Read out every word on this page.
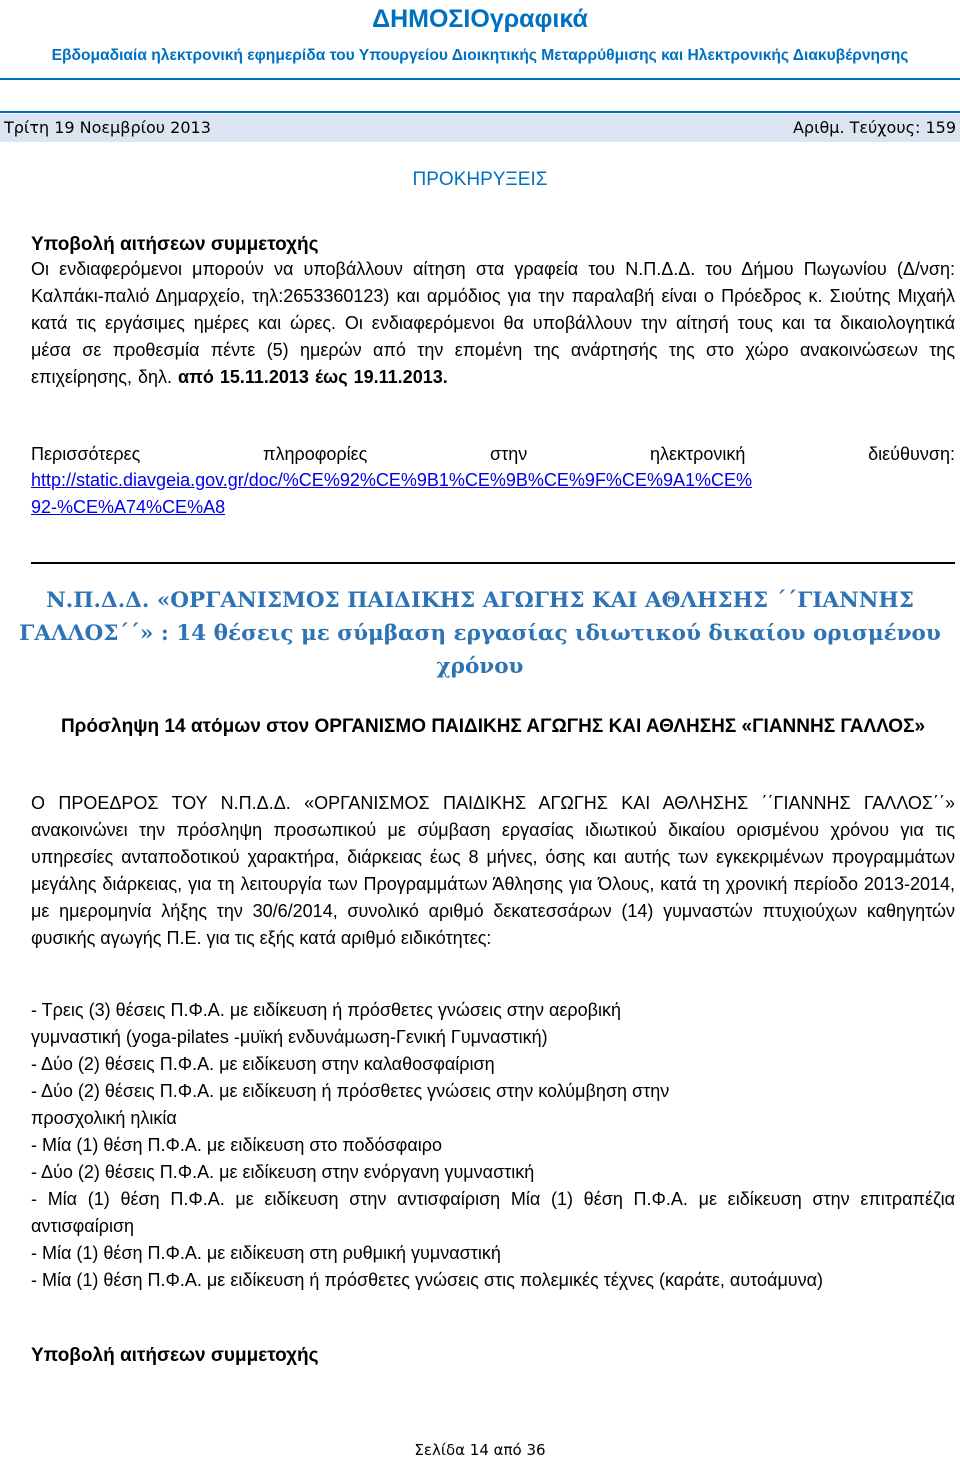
ΔΗΜΟΣΙΟγραφικά
Εβδομαδιαία ηλεκτρονική εφημερίδα του Υπουργείου Διοικητικής Μεταρρύθμισης και Ηλεκτρονικής Διακυβέρνησης
Τρίτη 19 Νοεμβρίου 2013	Αριθμ. Τεύχους: 159
ΠΡΟΚΗΡΥΞΕΙΣ
Υποβολή αιτήσεων συμμετοχής
Οι ενδιαφερόμενοι μπορούν να υποβάλλουν αίτηση στα γραφεία του Ν.Π.Δ.Δ. του Δήμου Πωγωνίου (Δ/νση: Καλπάκι-παλιό Δημαρχείο, τηλ:2653360123) και αρμόδιος για την παραλαβή είναι ο Πρόεδρος κ. Σιούτης Μιχαήλ κατά τις εργάσιμες ημέρες και ώρες. Οι ενδιαφερόμενοι θα υποβάλλουν την αίτησή τους και τα δικαιολογητικά μέσα σε προθεσμία πέντε (5) ημερών από την επομένη της ανάρτησής της στο χώρο ανακοινώσεων της επιχείρησης, δηλ. από 15.11.2013 έως 19.11.2013.
Περισσότερες πληροφορίες στην ηλεκτρονική διεύθυνση:
http://static.diavgeia.gov.gr/doc/%CE%92%CE%9B1%CE%9B%CE%9F%CE%9A1%CE%
92-%CE%A74%CE%A8
Ν.Π.Δ.Δ. «ΟΡΓΑΝΙΣΜΟΣ ΠΑΙΔΙΚΗΣ ΑΓΩΓΗΣ ΚΑΙ ΑΘΛΗΣΗΣ ΄΄ΓΙΑΝΝΗΣ ΓΑΛΛΟΣ΄΄» : 14 θέσεις με σύμβαση εργασίας ιδιωτικού δικαίου ορισμένου χρόνου
Πρόσληψη 14 ατόμων στον ΟΡΓΑΝΙΣΜΟ ΠΑΙΔΙΚΗΣ ΑΓΩΓΗΣ ΚΑΙ ΑΘΛΗΣΗΣ «ΓΙΑΝΝΗΣ ΓΑΛΛΟΣ»
Ο ΠΡΟΕΔΡΟΣ ΤΟΥ Ν.Π.Δ.Δ. «ΟΡΓΑΝΙΣΜΟΣ ΠΑΙΔΙΚΗΣ ΑΓΩΓΗΣ ΚΑΙ ΑΘΛΗΣΗΣ ΄΄ΓΙΑΝΝΗΣ ΓΑΛΛΟΣ΄΄» ανακοινώνει την πρόσληψη προσωπικού με σύμβαση εργασίας ιδιωτικού δικαίου ορισμένου χρόνου για τις υπηρεσίες ανταποδοτικού χαρακτήρα, διάρκειας έως 8 μήνες, όσης και αυτής των εγκεκριμένων προγραμμάτων μεγάλης διάρκειας, για τη λειτουργία των Προγραμμάτων Άθλησης για Όλους, κατά τη χρονική περίοδο 2013-2014, με ημερομηνία λήξης την 30/6/2014, συνολικό αριθμό δεκατεσσάρων (14) γυμναστών πτυχιούχων καθηγητών φυσικής αγωγής Π.Ε. για τις εξής κατά αριθμό ειδικότητες:
- Τρεις (3) θέσεις Π.Φ.Α. με ειδίκευση ή πρόσθετες γνώσεις στην αεροβική γυμναστική (yoga-pilates -μυϊκή ενδυνάμωση-Γενική Γυμναστική)
- Δύο (2) θέσεις Π.Φ.Α. με ειδίκευση στην καλαθοσφαίριση
- Δύο (2) θέσεις Π.Φ.Α. με ειδίκευση ή πρόσθετες γνώσεις στην κολύμβηση στην προσχολική ηλικία
- Μία (1) θέση Π.Φ.Α. με ειδίκευση στο ποδόσφαιρο
- Δύο (2) θέσεις Π.Φ.Α. με ειδίκευση στην ενόργανη γυμναστική
- Μία (1) θέση Π.Φ.Α. με ειδίκευση στην αντισφαίριση Μία (1) θέση Π.Φ.Α. με ειδίκευση στην επιτραπέζια αντισφαίριση
- Μία (1) θέση Π.Φ.Α. με ειδίκευση στη ρυθμική γυμναστική
- Μία (1) θέση Π.Φ.Α. με ειδίκευση ή πρόσθετες γνώσεις στις πολεμικές τέχνες (καράτε, αυτοάμυνα)
Υποβολή αιτήσεων συμμετοχής
Σελίδα 14 από 36
